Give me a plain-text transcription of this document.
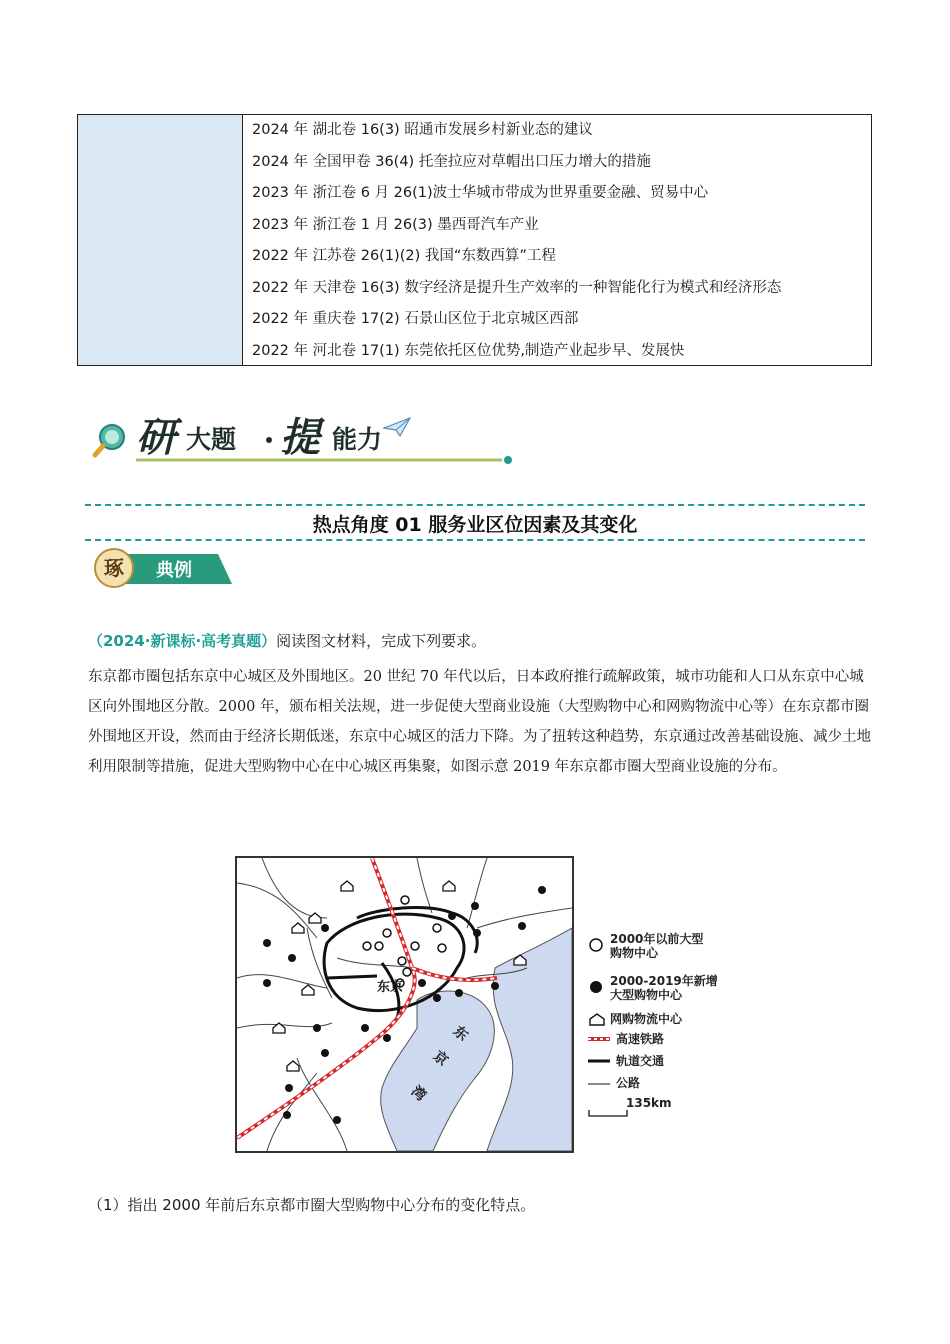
2024 年 湖北卷 16(3) 昭通市发展乡村新业态的建议
2024 年 全国甲卷 36(4) 托奎拉应对草帽出口压力增大的措施
2023 年 浙江卷 6 月 26(1)波士华城市带成为世界重要金融、贸易中心
2023 年 浙江卷 1 月 26(3) 墨西哥汽车产业
2022 年 江苏卷 26(1)(2) 我国“东数西算”工程
2022 年 天津卷 16(3) 数字经济是提升生产效率的一种智能化行为模式和经济形态
2022 年 重庆卷 17(2) 石景山区位于北京城区西部
2022 年 河北卷 17(1) 东莞依托区位优势,制造产业起步早、发展快
研 大题 提 能力
热点角度 01 服务业区位因素及其变化
琢 典例
（2024·新课标·高考真题）阅读图文材料，完成下列要求。
东京都市圈包括东京中心城区及外围地区。20 世纪 70 年代以后，日本政府推行疏解政策，城市功能和人口从东京中心城区向外围地区分散。2000 年，颁布相关法规，进一步促使大型商业设施（大型购物中心和网购物流中心等）在东京都市圈外围地区开设，然而由于经济长期低迷，东京中心城区的活力下降。为了扭转这种趋势，东京通过改善基础设施、减少土地利用限制等措施，促进大型购物中心在中心城区再集聚，如图示意 2019 年东京都市圈大型商业设施的分布。
东京
东
京
湾
2000年以前大型
购物中心
2000-2019年新增
大型购物中心
网购物流中心
高速铁路
轨道交通
公路
135km
（1）指出 2000 年前后东京都市圈大型购物中心分布的变化特点。
